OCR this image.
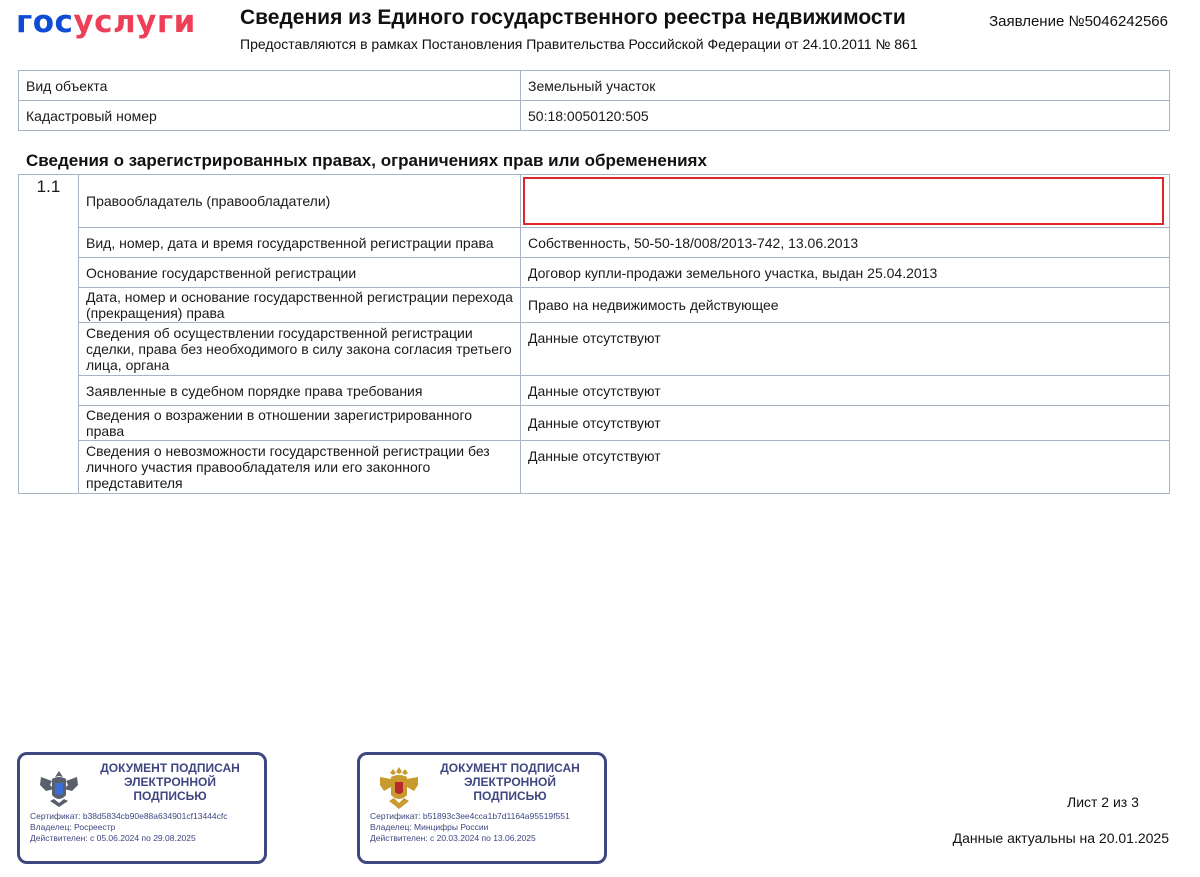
госуслуги Сведения из Единого государственного реестра недвижимости
Предоставляются в рамках Постановления Правительства Российской Федерации от 24.10.2011 № 861
Заявление №5046242566
Вид объекта	Земельный участок
Кадастровый номер	50:18:0050120:505
Сведения о зарегистрированных правах, ограничениях прав или обременениях
1.1	Правообладатель (правообладатели)	
	Вид, номер, дата и время государственной регистрации права	Собственность, 50-50-18/008/2013-742, 13.06.2013
	Основание государственной регистрации	Договор купли-продажи земельного участка, выдан 25.04.2013
	Дата, номер и основание государственной регистрации перехода (прекращения) права	Право на недвижимость действующее
	Сведения об осуществлении государственной регистрации сделки, права без необходимого в силу закона согласия третьего лица, органа	Данные отсутствуют
	Заявленные в судебном порядке права требования	Данные отсутствуют
	Сведения о возражении в отношении зарегистрированного права	Данные отсутствуют
	Сведения о невозможности государственной регистрации без личного участия правообладателя или его законного представителя	Данные отсутствуют
ДОКУМЕНТ ПОДПИСАН ЭЛЕКТРОННОЙ ПОДПИСЬЮ
Сертификат: b38d5834cb90e88a634901cf13444cfc
Владелец: Росреестр
Действителен: с 05.06.2024 по 29.08.2025
ДОКУМЕНТ ПОДПИСАН ЭЛЕКТРОННОЙ ПОДПИСЬЮ
Сертификат: b51893c3ee4cca1b7d1164a95519f551
Владелец: Минцифры России
Действителен: с 20.03.2024 по 13.06.2025
Лист 2 из 3
Данные актуальны на 20.01.2025
